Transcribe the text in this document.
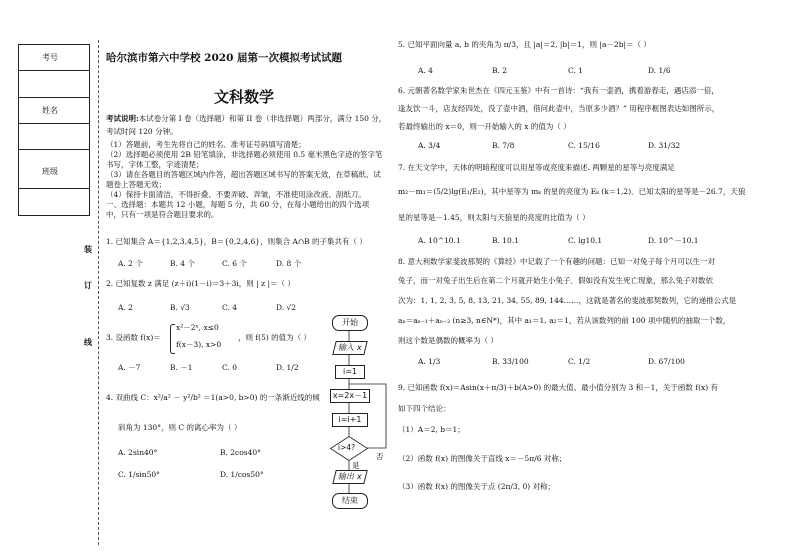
考号
姓名
班级
装
订
线
哈尔滨市第六中学校 2020 届第一次模拟考试试题
文科数学
考试说明:本试卷分第 I 卷（选择题）和第 II 卷（非选择题）两部分，满分 150 分，
考试时间 120 分钟。
（1）答题前，考生先将自己的姓名、准考证号码填写清楚；
（2）选择题必须使用 2B 铅笔填涂，非选择题必须使用 0.5 毫米黑色字迹的签字笔
书写，字体工整，字迹清楚；
（3）请在各题目的答题区域内作答，超出答题区域书写的答案无效，在草稿纸、试
题卷上答题无效；
（4）保持卡面清洁，不得折叠、不要弄破、弄皱，不准使用涂改液、刮纸刀。
一、选择题：本题共 12 小题，每题 5 分，共 60 分，在每小题给出的四个选项
中，只有一项是符合题目要求的。
1. 已知集合 A＝{1,2,3,4,5}，B＝{0,2,4,6}，则集合 A∩B 的子集共有（ ）
A. 2 个	B. 4 个	C. 6 个	D. 8 个
2. 已知复数 z 满足 (z＋i)(1－i)＝3＋3i，则 | z |＝（ ）
A. 2	B. √3	C. 4	D. √2
3. 设函数 f(x)＝
x²－2ˣ, x≤0
f(x－3), x>0
，则 f(5) 的值为（ ）
A. －7	B. －1	C. 0	D. 1/2
4. 双曲线 C：x²/a² － y²/b² ＝1(a>0, b>0) 的一条渐近线的倾
斜角为 130°，则 C 的离心率为（ ）
A. 2sin40°	B. 2cos40°
C. 1/sin50°	D. 1/cos50°
开始
输入 x
i=1
x=2x－1
i=i+1
i>4?
是
否
输出 x
结束
5. 已知平面向量 a, b 的夹角为 π/3，且 |a|＝2, |b|＝1，则 |a－2b|＝（ ）
A. 4	B. 2	C. 1	D. 1/6
6. 元朝著名数学家朱世杰在《四元玉鉴》中有一首诗：“我有一壶酒，携着游春走，遇店添一倍，
逢友饮一斗，店友经四处，没了壶中酒，借问此壶中，当原多少酒？” 用程序框图表达如图所示，
若最终输出的 x＝0，则一开始输入的 x 的值为（ ）
A. 3/4	B. 7/8	C. 15/16	D. 31/32
7. 在天文学中，天体的明暗程度可以用星等或亮度来描述. 两颗星的星等与亮度满足
m₂－m₁＝(5/2)lg(E₁/E₂)，其中星等为 mₖ 的星的亮度为 Eₖ (k＝1,2)．已知太阳的星等是－26.7，天狼
星的星等是－1.45，则太阳与天狼星的亮度的比值为（ ）
A. 10^10.1	B. 10.1	C. lg10.1	D. 10^－10.1
8. 意大利数学家斐波那契的《算经》中记载了一个有趣的问题：已知一对兔子每个月可以生一对
兔子，而一对兔子出生后在第二个月就开始生小兔子．假如没有发生死亡现象，那么兔子对数依
次为：1, 1, 2, 3, 5, 8, 13, 21, 34, 55, 89, 144……，这就是著名的斐波那契数列，它的递推公式是
aₙ＝aₙ₋₁＋aₙ₋₂ (n≥3, n∈N*)，其中 a₁＝1, a₂＝1，若从该数列的前 100 项中随机的抽取一个数，
则这个数是偶数的概率为（ ）
A. 1/3	B. 33/100	C. 1/2	D. 67/100
9. 已知函数 f(x)＝Asin(x＋π/3)＋b(A>0) 的最大值、最小值分别为 3 和－1，关于函数 f(x) 有
如下四个结论：
（1）A＝2, b＝1；
（2）函数 f(x) 的图像关于直线 x＝－5π/6 对称；
（3）函数 f(x) 的图像关于点 (2π/3, 0) 对称；
